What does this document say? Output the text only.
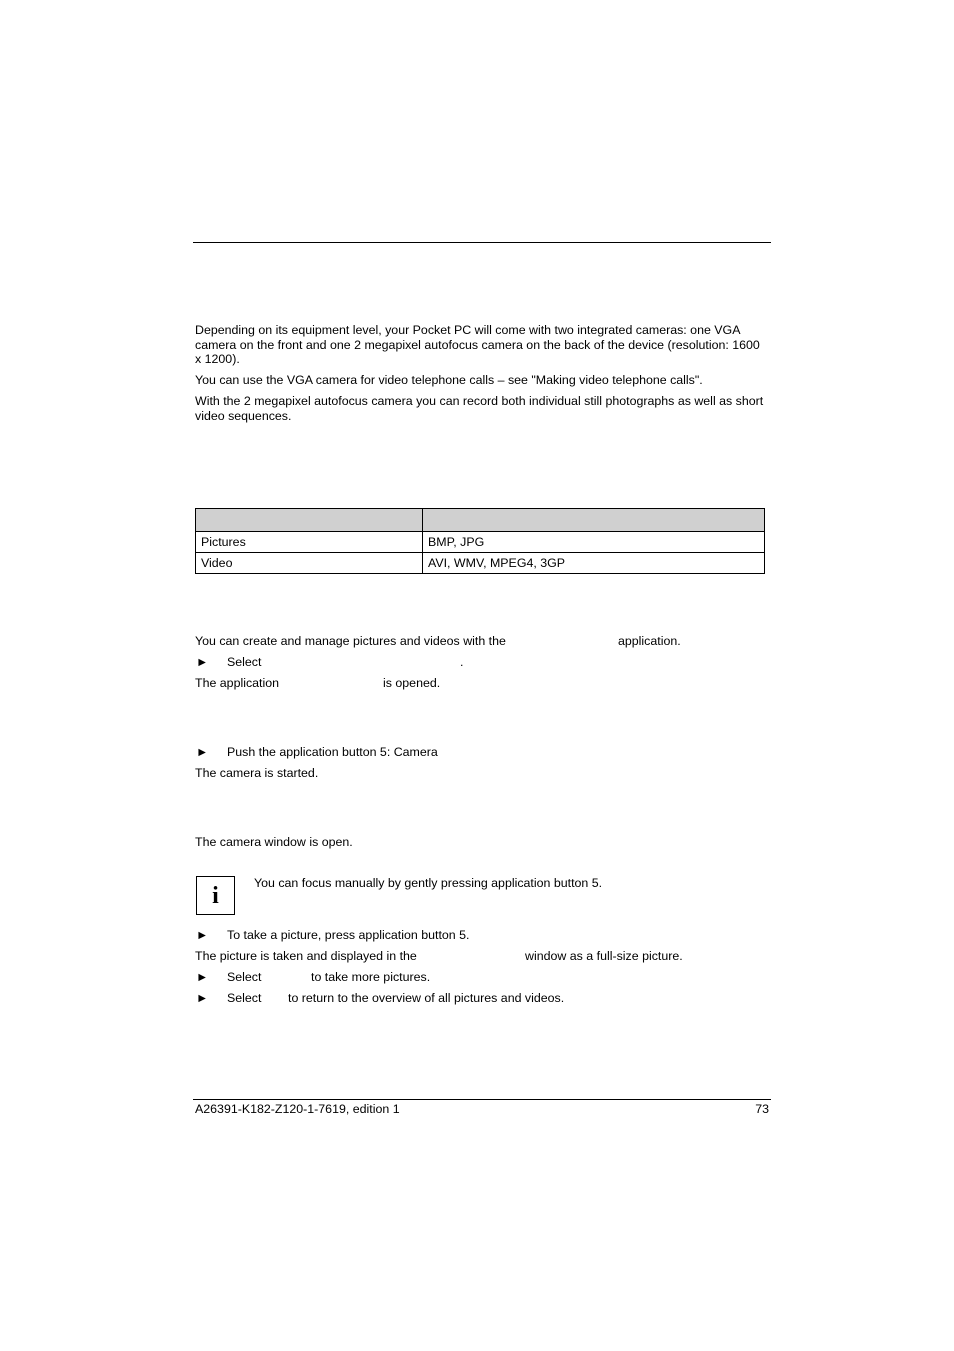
Depending on its equipment level, your Pocket PC will come with two integrated cameras: one VGA camera on the front and one 2 megapixel autofocus camera on the back of the device (resolution: 1600 x 1200).

You can use the VGA camera for video telephone calls – see "Making video telephone calls".

With the 2 megapixel autofocus camera you can record both individual still photographs as well as short video sequences.

Pictures	BMP, JPG
Video	AVI, WMV, MPEG4, 3GP
You can create and manage pictures and videos with the	application.
► Select	.
The application	is opened.
► Push the application button 5: Camera

The camera is started.

The camera window is open.

i	You can focus manually by gently pressing application button 5.
► To take a picture, press application button 5.
The picture is taken and displayed in the	window as a full-size picture.
► Select	to take more pictures.
► Select to return to the overview of all pictures and videos.
A26391-K182-Z120-1-7619, edition 1	73
